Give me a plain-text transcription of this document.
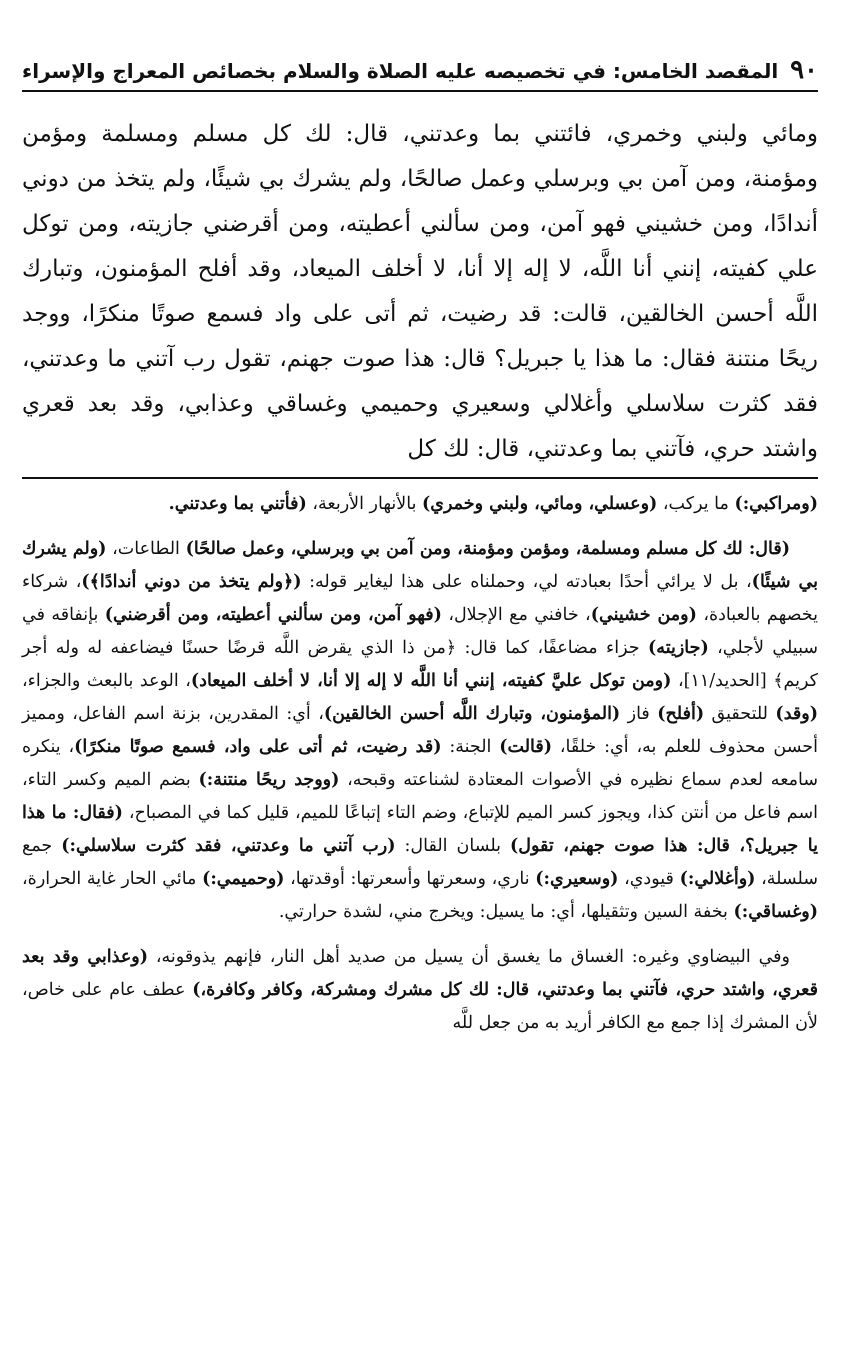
٩٠
المقصد الخامس: في تخصيصه عليه الصلاة والسلام بخصائص المعراج والإسراء

ومائي ولبني وخمري، فائتني بما وعدتني، قال: لك كل مسلم ومسلمة ومؤمن ومؤمنة، ومن آمن بي وبرسلي وعمل صالحًا، ولم يشرك بي شيئًا، ولم يتخذ من دوني أندادًا، ومن خشيني فهو آمن، ومن سألني أعطيته، ومن أقرضني جازيته، ومن توكل علي كفيته، إنني أنا اللَّه، لا إله إلا أنا، لا أخلف الميعاد، وقد أفلح المؤمنون، وتبارك اللَّه أحسن الخالقين، قالت: قد رضيت، ثم أتى على واد فسمع صوتًا منكرًا، ووجد ريحًا منتنة فقال: ما هذا يا جبريل؟ قال: هذا صوت جهنم، تقول رب آتني ما وعدتني، فقد كثرت سلاسلي وأغلالي وسعيري وحميمي وغساقي وعذابي، وقد بعد قعري واشتد حري، فآتني بما وعدتني، قال: لك كل

(ومراكبي:) ما يركب، (وعسلي، ومائي، ولبني وخمري) بالأنهار الأربعة، (فأتني بما وعدتني.

(قال: لك كل مسلم ومسلمة، ومؤمن ومؤمنة، ومن آمن بي وبرسلي، وعمل صالحًا) الطاعات، (ولم يشرك بي شيئًا)، بل لا يرائي أحدًا بعبادته لي، وحملناه على هذا ليغاير قوله: (﴿ولم يتخذ من دوني أندادًا﴾)، شركاء يخصهم بالعبادة، (ومن خشيني)، خافني مع الإجلال، (فهو آمن، ومن سألني أعطيته، ومن أقرضني) بإنفاقه في سبيلي لأجلي، (جازيته) جزاء مضاعفًا، كما قال: ﴿من ذا الذي يقرض اللَّه قرضًا حسنًا فيضاعفه له وله أجر كريم﴾ [الحديد/١١]، (ومن توكل عليَّ كفيته، إنني أنا اللَّه لا إله إلا أنا، لا أخلف الميعاد)، الوعد بالبعث والجزاء، (وقد) للتحقيق (أفلح) فاز (المؤمنون، وتبارك اللَّه أحسن الخالقين)، أي: المقدرين، بزنة اسم الفاعل، ومميز أحسن محذوف للعلم به، أي: خلقًا، (قالت) الجنة: (قد رضيت، ثم أتى على واد، فسمع صوتًا منكرًا)، ينكره سامعه لعدم سماع نظيره في الأصوات المعتادة لشناعته وقبحه، (ووجد ريحًا منتنة:) بضم الميم وكسر التاء، اسم فاعل من أنتن كذا، ويجوز كسر الميم للإتباع، وضم التاء إتباعًا للميم، قليل كما في المصباح، (فقال: ما هذا يا جبريل؟، قال: هذا صوت جهنم، تقول) بلسان القال: (رب آتني ما وعدتني، فقد كثرت سلاسلي:) جمع سلسلة، (وأغلالي:) قيودي، (وسعيري:) ناري، وسعرتها وأسعرتها: أوقدتها، (وحميمي:) مائي الحار غاية الحرارة، (وغساقي:) بخفة السين وتثقيلها، أي: ما يسيل: ويخرج مني، لشدة حرارتي.

وفي البيضاوي وغيره: الغساق ما يغسق أن يسيل من صديد أهل النار، فإنهم يذوقونه، (وعذابي وقد بعد قعري، واشتد حري، فآتني بما وعدتني، قال: لك كل مشرك ومشركة، وكافر وكافرة،) عطف عام على خاص، لأن المشرك إذا جمع مع الكافر أريد به من جعل للَّه
